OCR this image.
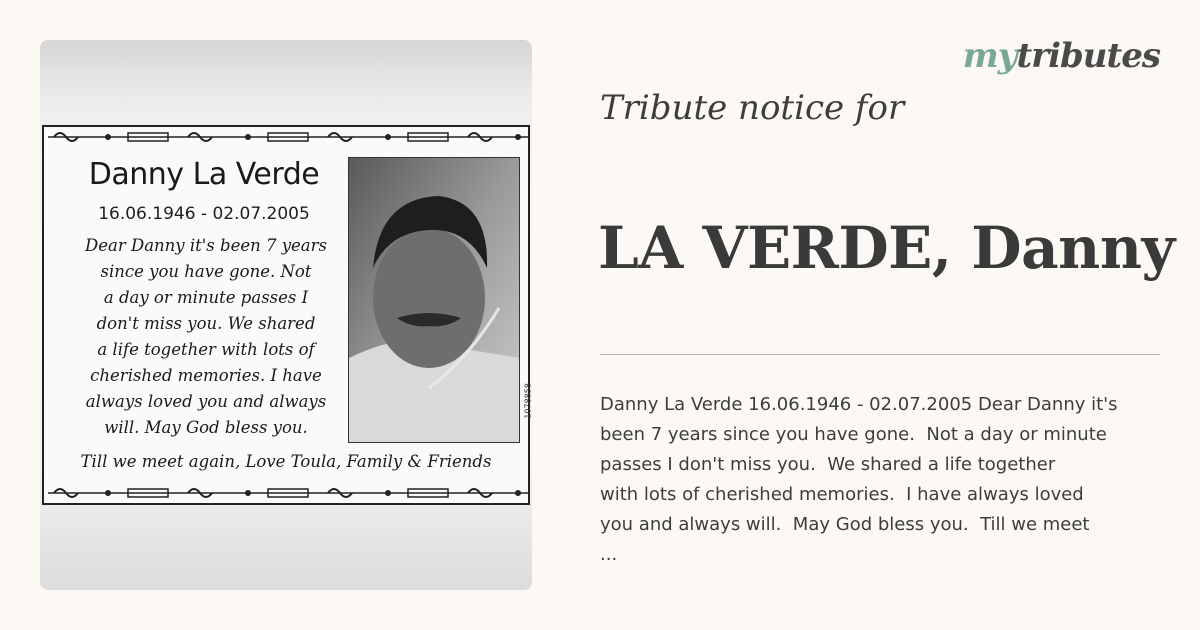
Danny La Verde
16.06.1946 - 02.07.2005
Dear Danny it's been 7 years
since you have gone. Not
a day or minute passes I
don't miss you. We shared
a life together with lots of
cherished memories. I have
always loved you and always
will. May God bless you.
1078858
Till we meet again, Love Toula, Family & Friends
mytributes
Tribute notice for
LA VERDE, Danny
Danny La Verde 16.06.1946 - 02.07.2005 Dear Danny it's
been 7 years since you have gone.  Not a day or minute
passes I don't miss you.  We shared a life together
with lots of cherished memories.  I have always loved
you and always will.  May God bless you.  Till we meet
...
